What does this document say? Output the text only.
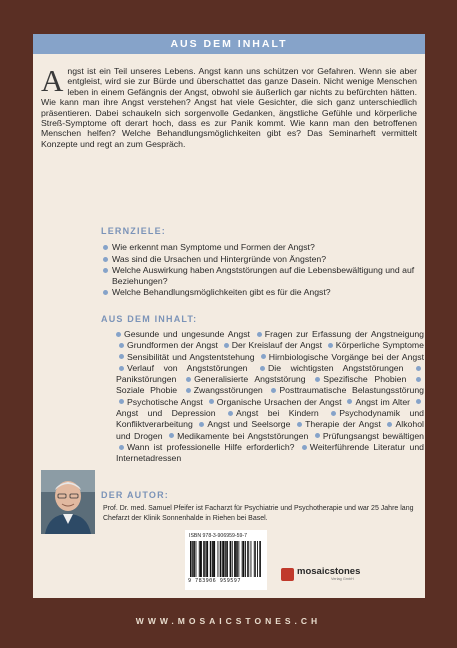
AUS DEM INHALT

Angst ist ein Teil unseres Lebens. Angst kann uns schützen vor Gefahren. Wenn sie aber entgleist, wird sie zur Bürde und überschattet das ganze Dasein. Nicht wenige Menschen leben in einem Gefängnis der Angst, obwohl sie äußerlich gar nichts zu befürchten hätten. Wie kann man ihre Angst verstehen? Angst hat viele Gesichter, die sich ganz unterschiedlich präsentieren. Dabei schaukeln sich sorgenvolle Gedanken, ängstliche Gefühle und körperliche Streß-Symptome oft derart hoch, dass es zur Panik kommt. Wie kann man den betroffenen Menschen helfen? Welche Behandlungsmöglichkeiten gibt es? Das Seminarheft vermittelt Konzepte und regt an zum Gespräch.

LERNZIELE:
Wie erkennt man Symptome und Formen der Angst?
Was sind die Ursachen und Hintergründe von Ängsten?
Welche Auswirkung haben Angststörungen auf die Lebensbewältigung und auf Beziehungen?
Welche Behandlungsmöglichkeiten gibt es für die Angst?
AUS DEM INHALT:

Gesunde und ungesunde Angst Fragen zur Erfassung der Angstneigung Grundformen der Angst Der Kreislauf der Angst Körperliche Symptome Sensibilität und Angstentstehung Hirnbiologische Vorgänge bei der Angst Verlauf von Angststörungen Die wichtigsten Angststörungen Panikstörungen Generalisierte Angststörung Spezifische Phobien Soziale Phobie Zwangsstörungen Posttraumatische Belastungsstörung Psychotische Angst Organische Ursachen der Angst Angst im Alter Angst und Depression Angst bei Kindern Psychodynamik und Konfliktverarbeitung Angst und Seelsorge Therapie der Angst Alkohol und Drogen Medikamente bei Angststörungen Prüfungsangst bewältigen Wann ist professionelle Hilfe erforderlich? Weiterführende Literatur und Internetadressen

DER AUTOR:

Prof. Dr. med. Samuel Pfeifer ist Facharzt für Psychiatrie und Psychotherapie und war 25 Jahre lang Chefarzt der Klinik Sonnenhalde in Riehen bei Basel.

ISBN 978-3-906959-59-7
9 783906 959597
mosaicstones
Verlag GmbH
WWW.MOSAICSTONES.CH
